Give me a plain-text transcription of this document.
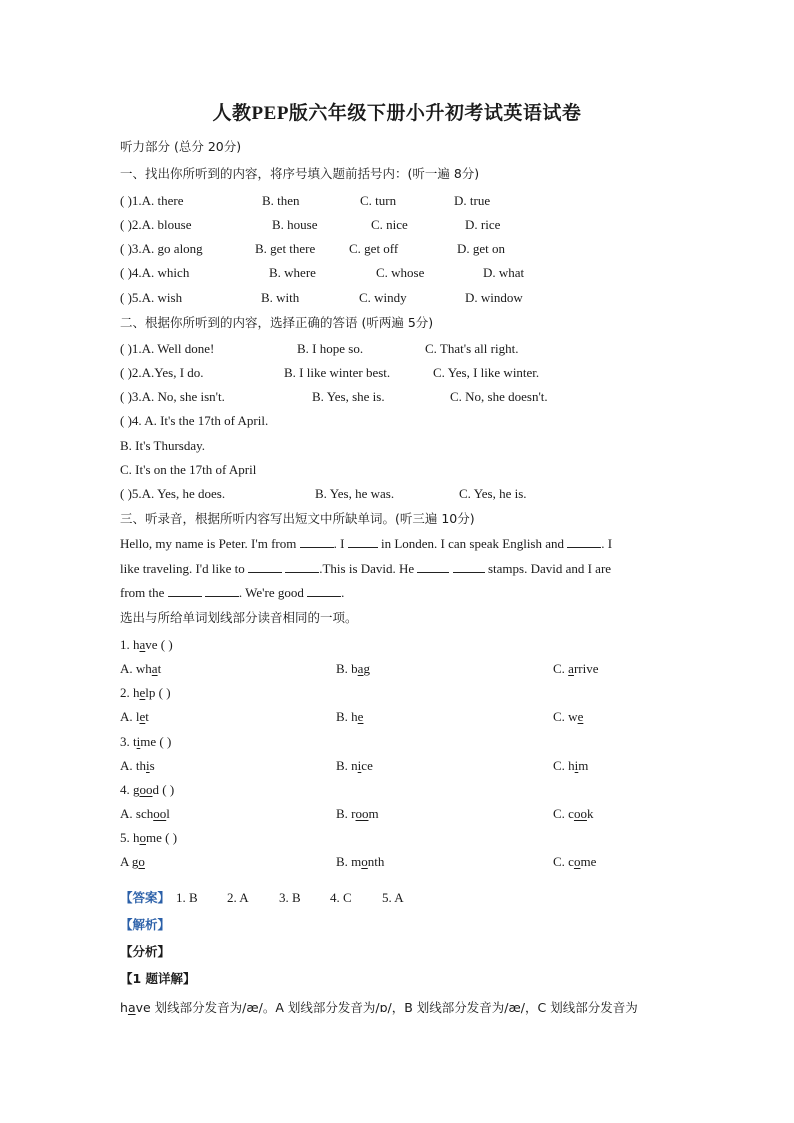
人教PEP版六年级下册小升初考试英语试卷
听力部分 (总分 20分)
一、找出你所听到的内容，将序号填入题前括号内：(听一遍 8分)
( )1.A. there	B. then	C. turn	D. true
( )2.A. blouse	B. house	C. nice	D. rice
( )3.A. go along	B. get there	C. get off	D. get on
( )4.A. which	B. where	C. whose	D. what
( )5.A. wish	B. with	C. windy	D. window
二、根据你所听到的内容，选择正确的答语 (听两遍 5分)
( )1.A. Well done!	B. I hope so.	C. That's all right.
( )2.A.Yes, I do.	B. I like winter best.	C. Yes, I like winter.
( )3.A. No, she isn't.	B. Yes, she is.	C. No, she doesn't.
( )4. A. It's the 17th of April.
B. It's Thursday.
C. It's on the 17th of April
( )5.A. Yes, he does.	B. Yes, he was.	C. Yes, he is.
三、听录音，根据所听内容写出短文中所缺单词。(听三遍 10分)
Hello, my name is Peter. I'm from	. I	in Londen. I can speak English and	. I
like traveling. I'd like to	.This is David. He	stamps. David and I are
from the	. We're good	.
选出与所给单词划线部分读音相同的一项。
1. have ( )
A. what	B. bag	C. arrive
2. help ( )
A. let	B. he	C. we
3. time ( )
A. this	B. nice	C. him
4. good ( )
A. school	B. room	C. cook
5. home ( )
A go	B. month	C. come
【答案】 1. B 2. A 3. B 4. C 5. A
【解析】
【分析】
【1 题详解】
have 划线部分发音为/æ/。A 划线部分发音为/ɒ/，B 划线部分发音为/æ/，C 划线部分发音为
